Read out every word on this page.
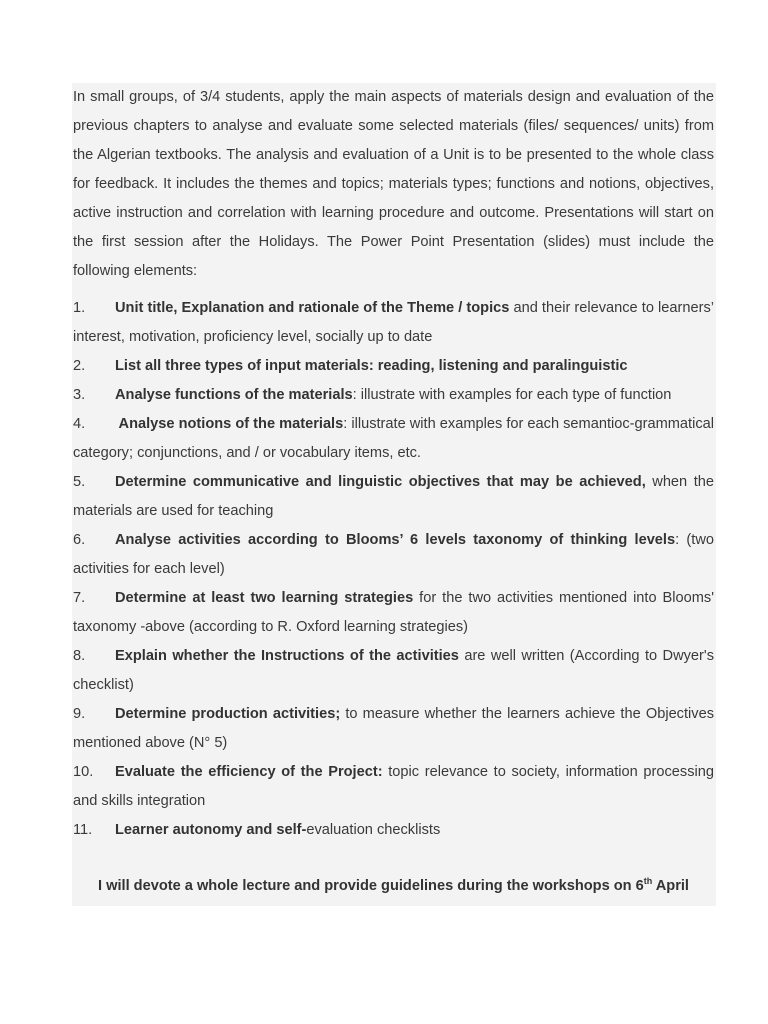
In small groups, of 3/4 students, apply the main aspects of materials design and evaluation of the previous chapters to analyse and evaluate some selected materials (files/ sequences/ units) from the Algerian textbooks. The analysis and evaluation of a Unit is to be presented to the whole class for feedback. It includes the themes and topics; materials types; functions and notions, objectives, active instruction and correlation with learning procedure and outcome. Presentations will start on the first session after the Holidays. The Power Point Presentation (slides) must include the following elements:

1. Unit title, Explanation and rationale of the Theme / topics and their relevance to learners’ interest, motivation, proficiency level, socially up to date
2. List all three types of input materials: reading, listening and paralinguistic
3. Analyse functions of the materials: illustrate with examples for each type of function
4. Analyse notions of the materials: illustrate with examples for each semantioc-grammatical category; conjunctions, and / or vocabulary items, etc.
5. Determine communicative and linguistic objectives that may be achieved, when the materials are used for teaching
6. Analyse activities according to Blooms’ 6 levels taxonomy of thinking levels: (two activities for each level)
7. Determine at least two learning strategies for the two activities mentioned into Blooms' taxonomy -above (according to R. Oxford learning strategies)
8. Explain whether the Instructions of the activities are well written (According to Dwyer's checklist)
9. Determine production activities; to measure whether the learners achieve the Objectives mentioned above (N° 5)
10. Evaluate the efficiency of the Project: topic relevance to society, information processing and skills integration
11. Learner autonomy and self-evaluation checklists
I will devote a whole lecture and provide guidelines during the workshops on 6th April
